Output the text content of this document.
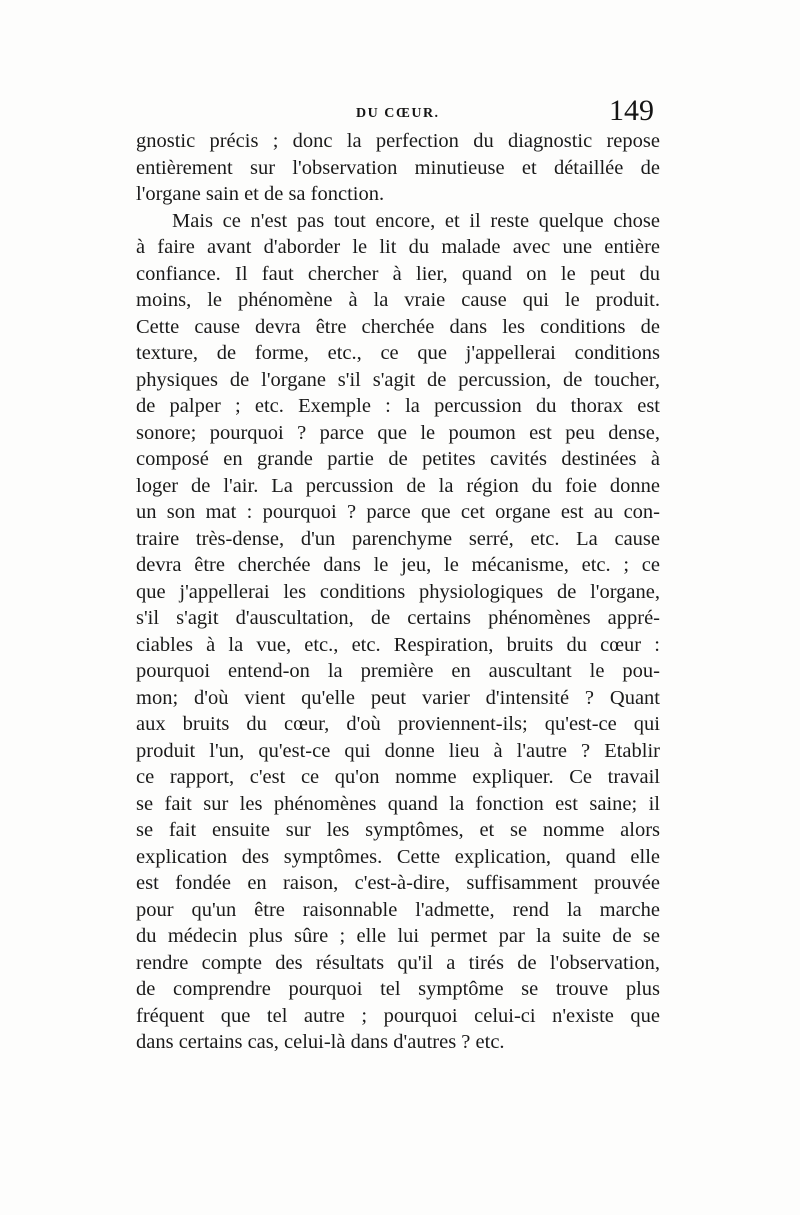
DU CŒUR.	149
gnostic précis ; donc la perfection du diagnostic repose
entièrement sur l'observation minutieuse et détaillée de
l'organe sain et de sa fonction.
Mais ce n'est pas tout encore, et il reste quelque chose
à faire avant d'aborder le lit du malade avec une entière
confiance. Il faut chercher à lier, quand on le peut du
moins, le phénomène à la vraie cause qui le produit.
Cette cause devra être cherchée dans les conditions de
texture, de forme, etc., ce que j'appellerai conditions
physiques de l'organe s'il s'agit de percussion, de toucher,
de palper ; etc. Exemple : la percussion du thorax est
sonore; pourquoi ? parce que le poumon est peu dense,
composé en grande partie de petites cavités destinées à
loger de l'air. La percussion de la région du foie donne
un son mat : pourquoi ? parce que cet organe est au con-
traire très-dense, d'un parenchyme serré, etc. La cause
devra être cherchée dans le jeu, le mécanisme, etc. ; ce
que j'appellerai les conditions physiologiques de l'organe,
s'il s'agit d'auscultation, de certains phénomènes appré-
ciables à la vue, etc., etc. Respiration, bruits du cœur :
pourquoi entend-on la première en auscultant le pou-
mon; d'où vient qu'elle peut varier d'intensité ? Quant
aux bruits du cœur, d'où proviennent-ils; qu'est-ce qui
produit l'un, qu'est-ce qui donne lieu à l'autre ? Etablir
ce rapport, c'est ce qu'on nomme expliquer. Ce travail
se fait sur les phénomènes quand la fonction est saine; il
se fait ensuite sur les symptômes, et se nomme alors
explication des symptômes. Cette explication, quand elle
est fondée en raison, c'est-à-dire, suffisamment prouvée
pour qu'un être raisonnable l'admette, rend la marche
du médecin plus sûre ; elle lui permet par la suite de se
rendre compte des résultats qu'il a tirés de l'observation,
de comprendre pourquoi tel symptôme se trouve plus
fréquent que tel autre ; pourquoi celui-ci n'existe que
dans certains cas, celui-là dans d'autres ? etc.
